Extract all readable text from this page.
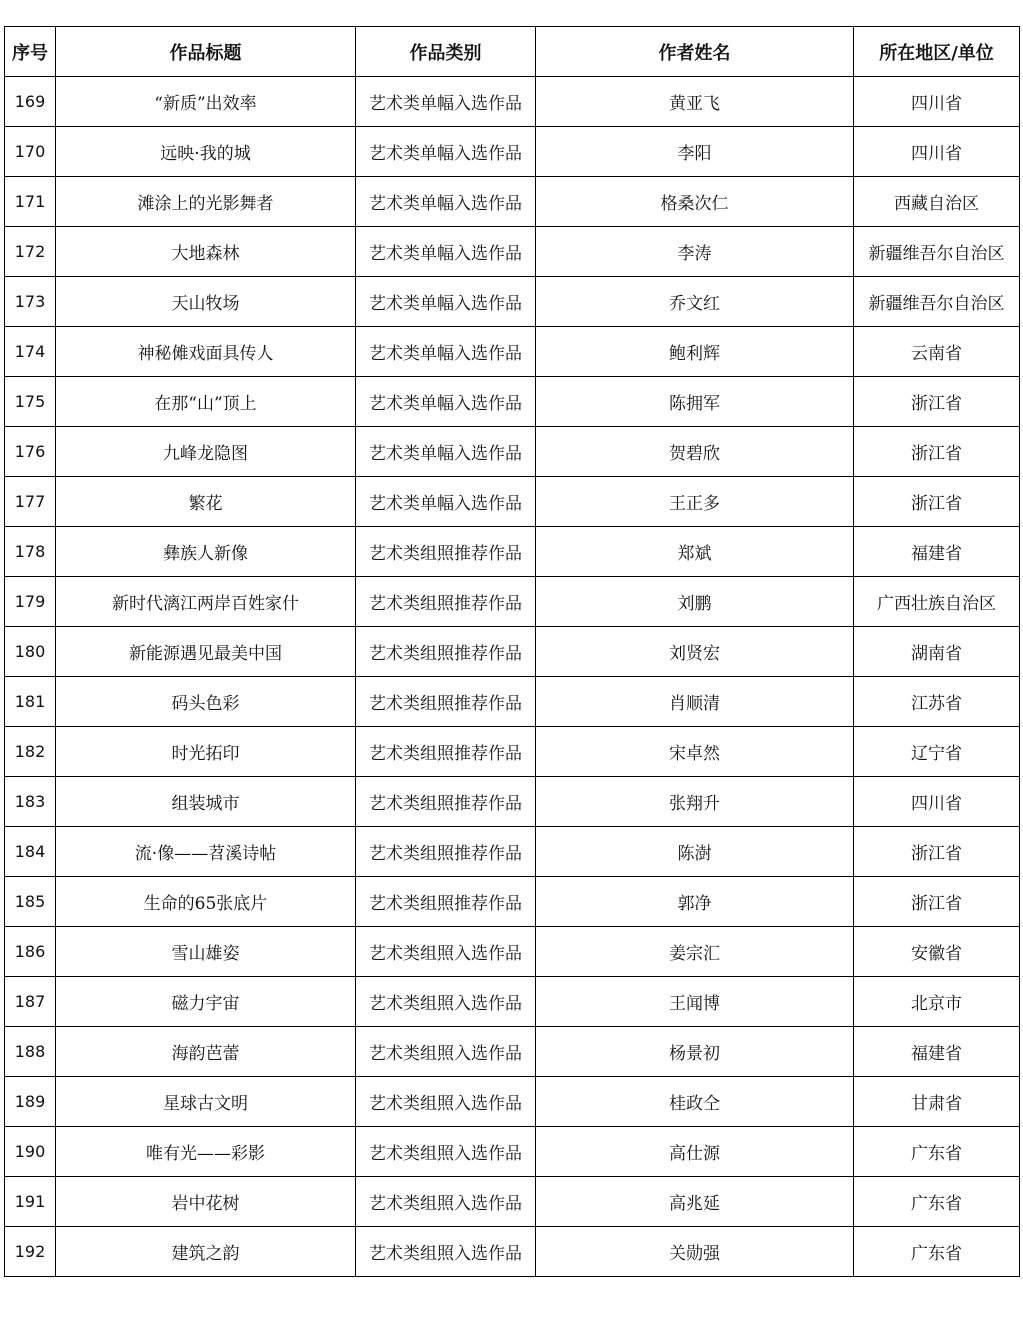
序号	作品标题	作品类别	作者姓名	所在地区/单位
169	“新质”出效率	艺术类单幅入选作品	黄亚飞	四川省
170	远映·我的城	艺术类单幅入选作品	李阳	四川省
171	滩涂上的光影舞者	艺术类单幅入选作品	格桑次仁	西藏自治区
172	大地森林	艺术类单幅入选作品	李涛	新疆维吾尔自治区
173	天山牧场	艺术类单幅入选作品	乔文红	新疆维吾尔自治区
174	神秘傩戏面具传人	艺术类单幅入选作品	鲍利辉	云南省
175	在那“山”顶上	艺术类单幅入选作品	陈拥军	浙江省
176	九峰龙隐图	艺术类单幅入选作品	贺碧欣	浙江省
177	繁花	艺术类单幅入选作品	王正多	浙江省
178	彝族人新像	艺术类组照推荐作品	郑斌	福建省
179	新时代漓江两岸百姓家什	艺术类组照推荐作品	刘鹏	广西壮族自治区
180	新能源遇见最美中国	艺术类组照推荐作品	刘贤宏	湖南省
181	码头色彩	艺术类组照推荐作品	肖顺清	江苏省
182	时光拓印	艺术类组照推荐作品	宋卓然	辽宁省
183	组装城市	艺术类组照推荐作品	张翔升	四川省
184	流·像——苕溪诗帖	艺术类组照推荐作品	陈澍	浙江省
185	生命的65张底片	艺术类组照推荐作品	郭净	浙江省
186	雪山雄姿	艺术类组照入选作品	姜宗汇	安徽省
187	磁力宇宙	艺术类组照入选作品	王闻博	北京市
188	海韵芭蕾	艺术类组照入选作品	杨景初	福建省
189	星球古文明	艺术类组照入选作品	桂政仝	甘肃省
190	唯有光——彩影	艺术类组照入选作品	高仕源	广东省
191	岩中花树	艺术类组照入选作品	高兆延	广东省
192	建筑之韵	艺术类组照入选作品	关勋强	广东省
